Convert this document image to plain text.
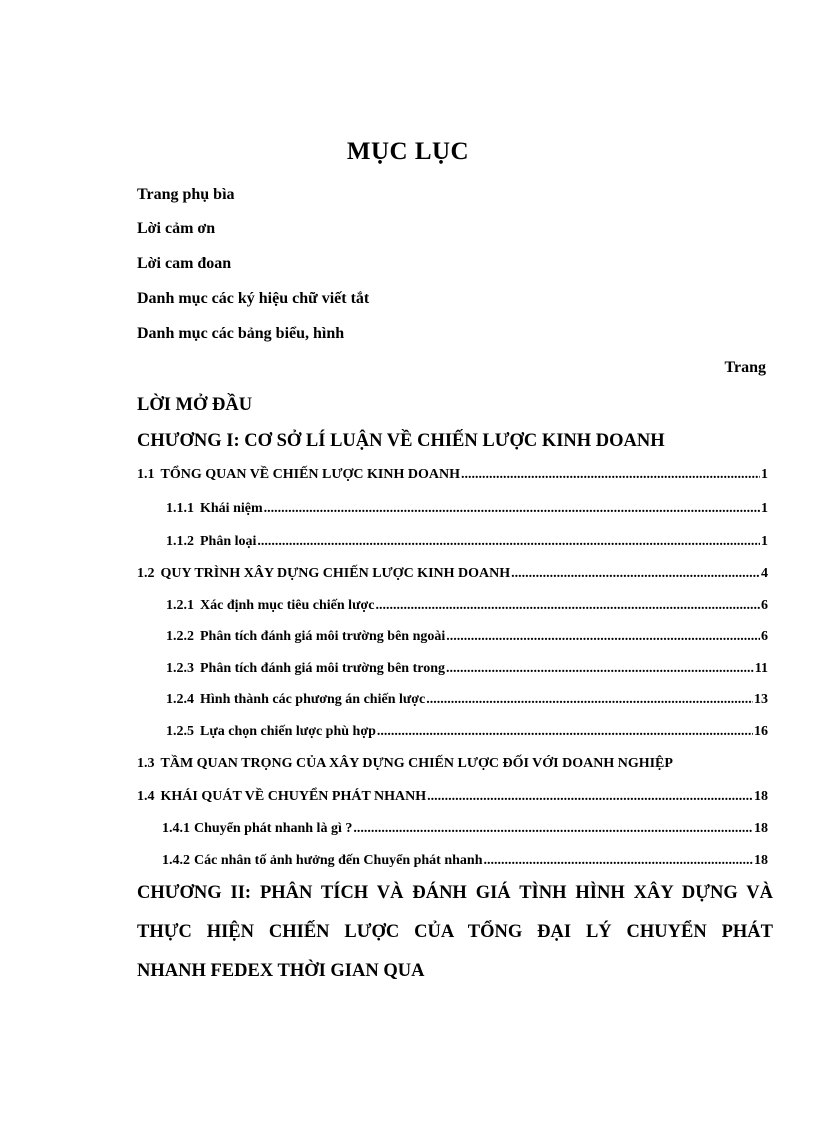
MỤC LỤC
Trang phụ bìa
Lời cảm ơn
Lời cam đoan
Danh mục các ký hiệu chữ viết tắt
Danh mục các bảng biểu, hình
Trang
LỜI MỞ ĐẦU
CHƯƠNG I: CƠ SỞ LÍ LUẬN VỀ CHIẾN LƯỢC KINH DOANH
1.1 TỔNG QUAN VỀ CHIẾN LƯỢC KINH DOANH .....	1
1.1.1 Khái niệm .....	1
1.1.2 Phân loại .....	1
1.2 QUY TRÌNH XÂY DỰNG CHIẾN LƯỢC KINH DOANH .....	4
1.2.1 Xác định mục tiêu chiến lược .....	6
1.2.2 Phân tích đánh giá môi trường bên ngoài .....	6
1.2.3 Phân tích đánh giá môi trường bên trong .....	11
1.2.4 Hình thành các phương án chiến lược .....	13
1.2.5 Lựa chọn chiến lược phù hợp .....	16
1.3 TẦM QUAN TRỌNG CỦA XÂY DỰNG CHIẾN LƯỢC ĐỐI VỚI DOANH NGHIỆP
1.4 KHÁI QUÁT VỀ CHUYỂN PHÁT NHANH .....	18
1.4.1 Chuyển phát nhanh là gì ? .....	18
1.4.2 Các nhân tố ảnh hưởng đến Chuyển phát nhanh .....	18
CHƯƠNG II: PHÂN TÍCH VÀ ĐÁNH GIÁ TÌNH HÌNH XÂY DỰNG VÀ
THỰC HIỆN CHIẾN LƯỢC CỦA TỔNG ĐẠI LÝ CHUYỂN PHÁT
NHANH FEDEX THỜI GIAN QUA
